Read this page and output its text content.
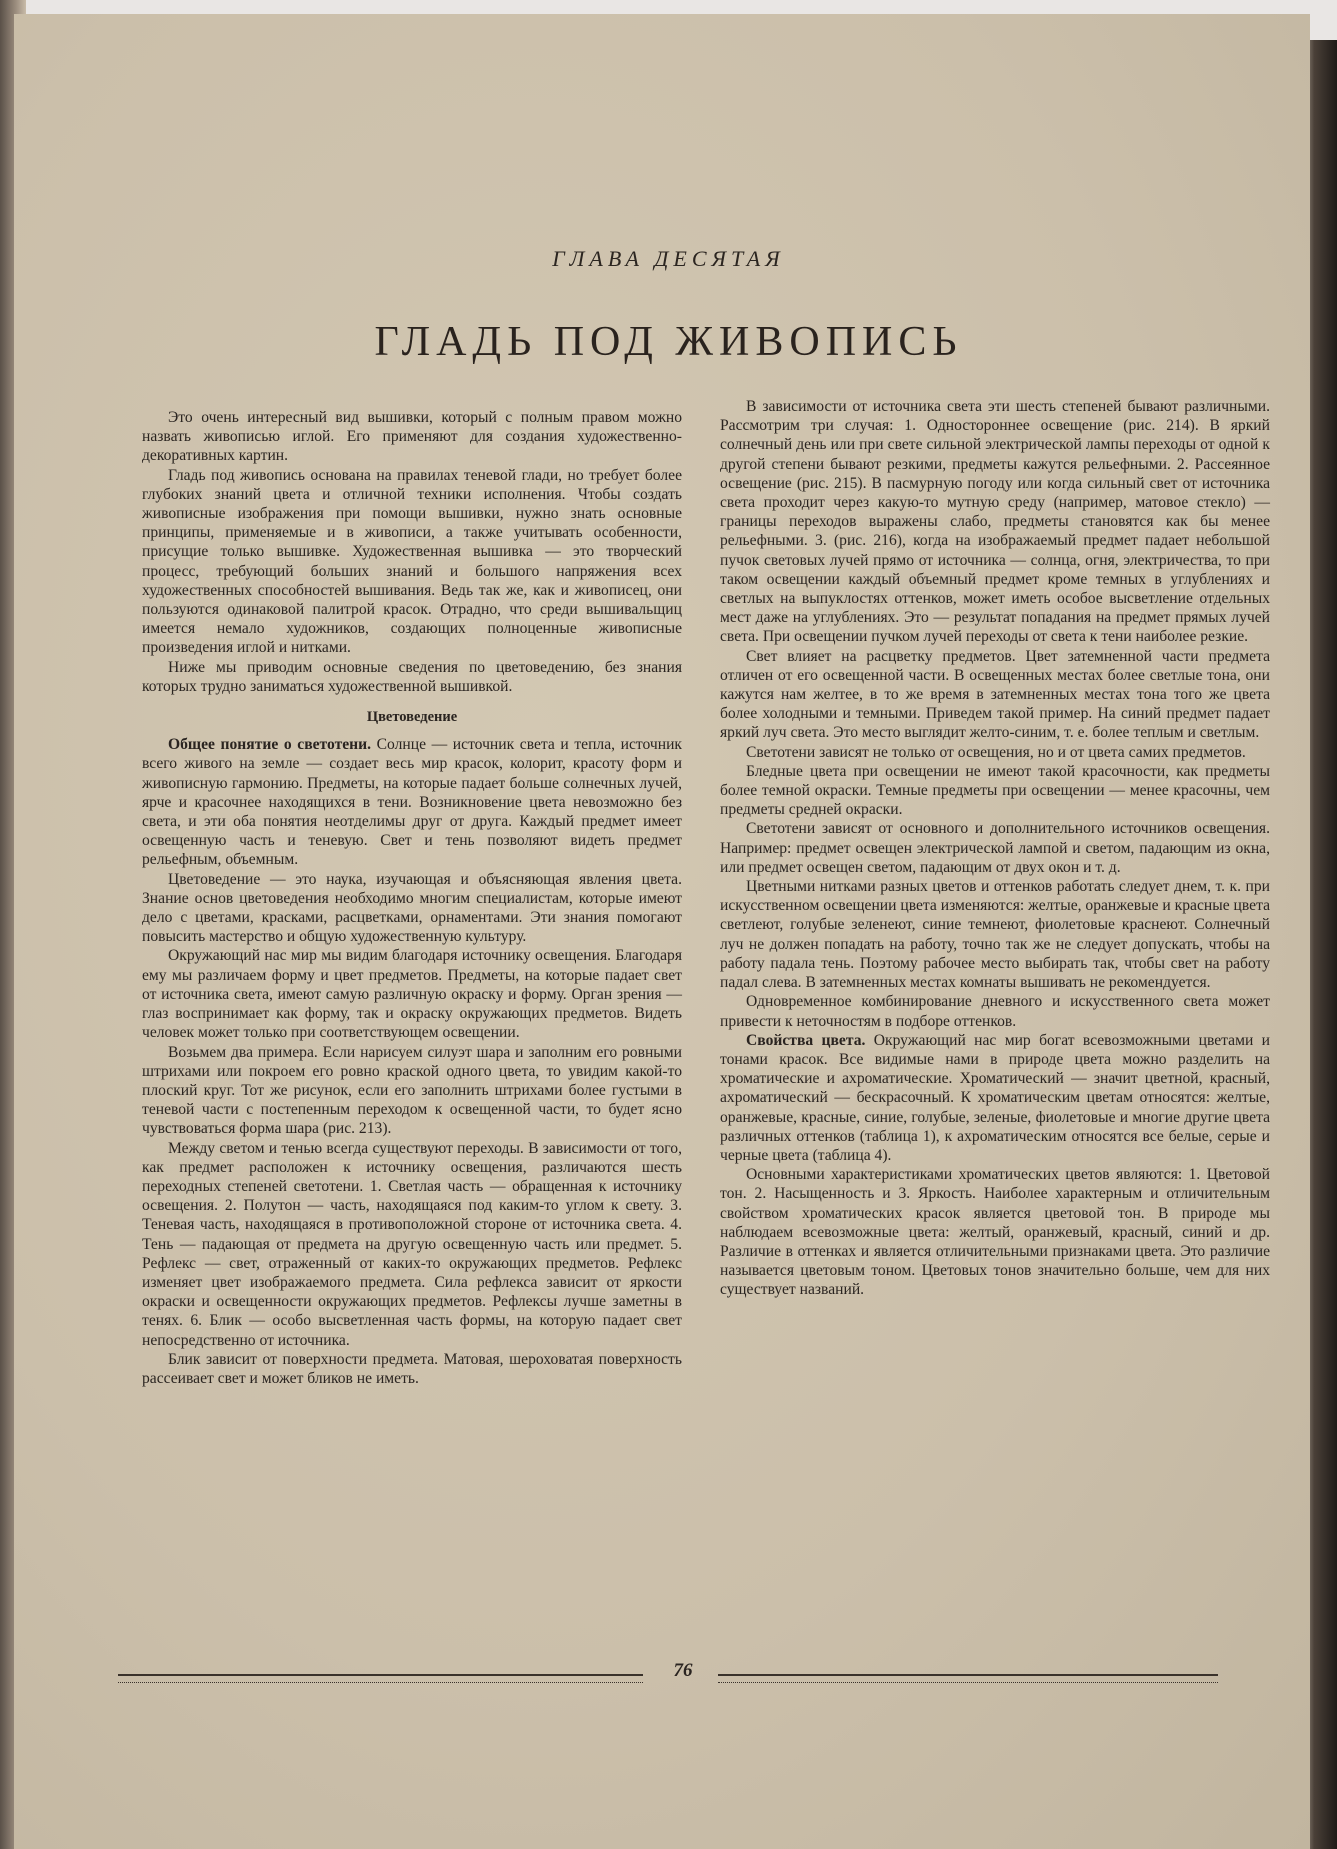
ГЛАВА ДЕСЯТАЯ
ГЛАДЬ ПОД ЖИВОПИСЬ

Это очень интересный вид вышивки, который с полным правом можно назвать живописью иглой. Его применяют для создания художественно-декоративных картин.

Гладь под живопись основана на правилах теневой глади, но требует более глубоких знаний цвета и отличной техники исполнения. Чтобы создать живописные изображения при помощи вышивки, нужно знать основные принципы, применяемые и в живописи, а также учитывать особенности, присущие только вышивке. Художественная вышивка — это творческий процесс, требующий больших знаний и большого напряжения всех художественных способностей вышивания. Ведь так же, как и живописец, они пользуются одинаковой палитрой красок. Отрадно, что среди вышивальщиц имеется немало художников, создающих полноценные живописные произведения иглой и нитками.

Ниже мы приводим основные сведения по цветоведению, без знания которых трудно заниматься художественной вышивкой.

Цветоведение

Общее понятие о светотени. Солнце — источник света и тепла, источник всего живого на земле — создает весь мир красок, колорит, красоту форм и живописную гармонию. Предметы, на которые падает больше солнечных лучей, ярче и красочнее находящихся в тени. Возникновение цвета невозможно без света, и эти оба понятия неотделимы друг от друга. Каждый предмет имеет освещенную часть и теневую. Свет и тень позволяют видеть предмет рельефным, объемным.

Цветоведение — это наука, изучающая и объясняющая явления цвета. Знание основ цветоведения необходимо многим специалистам, которые имеют дело с цветами, красками, расцветками, орнаментами. Эти знания помогают повысить мастерство и общую художественную культуру.

Окружающий нас мир мы видим благодаря источнику освещения. Благодаря ему мы различаем форму и цвет предметов. Предметы, на которые падает свет от источника света, имеют самую различную окраску и форму. Орган зрения — глаз воспринимает как форму, так и окраску окружающих предметов. Видеть человек может только при соответствующем освещении.

Возьмем два примера. Если нарисуем силуэт шара и заполним его ровными штрихами или покроем его ровно краской одного цвета, то увидим какой-то плоский круг. Тот же рисунок, если его заполнить штрихами более густыми в теневой части с постепенным переходом к освещенной части, то будет ясно чувствоваться форма шара (рис. 213).

Между светом и тенью всегда существуют переходы. В зависимости от того, как предмет расположен к источнику освещения, различаются шесть переходных степеней светотени. 1. Светлая часть — обращенная к источнику освещения. 2. Полутон — часть, находящаяся под каким-то углом к свету. 3. Теневая часть, находящаяся в противоположной стороне от источника света. 4. Тень — падающая от предмета на другую освещенную часть или предмет. 5. Рефлекс — свет, отраженный от каких-то окружающих предметов. Рефлекс изменяет цвет изображаемого предмета. Сила рефлекса зависит от яркости окраски и освещенности окружающих предметов. Рефлексы лучше заметны в тенях. 6. Блик — особо высветленная часть формы, на которую падает свет непосредственно от источника.

Блик зависит от поверхности предмета. Матовая, шероховатая поверхность рассеивает свет и может бликов не иметь.

В зависимости от источника света эти шесть степеней бывают различными. Рассмотрим три случая: 1. Одностороннее освещение (рис. 214). В яркий солнечный день или при свете сильной электрической лампы переходы от одной к другой степени бывают резкими, предметы кажутся рельефными. 2. Рассеянное освещение (рис. 215). В пасмурную погоду или когда сильный свет от источника света проходит через какую-то мутную среду (например, матовое стекло) — границы переходов выражены слабо, предметы становятся как бы менее рельефными. 3. (рис. 216), когда на изображаемый предмет падает небольшой пучок световых лучей прямо от источника — солнца, огня, электричества, то при таком освещении каждый объемный предмет кроме темных в углублениях и светлых на выпуклостях оттенков, может иметь особое высветление отдельных мест даже на углублениях. Это — результат попадания на предмет прямых лучей света. При освещении пучком лучей переходы от света к тени наиболее резкие.

Свет влияет на расцветку предметов. Цвет затемненной части предмета отличен от его освещенной части. В освещенных местах более светлые тона, они кажутся нам желтее, в то же время в затемненных местах тона того же цвета более холодными и темными. Приведем такой пример. На синий предмет падает яркий луч света. Это место выглядит желто-синим, т. е. более теплым и светлым.

Светотени зависят не только от освещения, но и от цвета самих предметов.

Бледные цвета при освещении не имеют такой красочности, как предметы более темной окраски. Темные предметы при освещении — менее красочны, чем предметы средней окраски.

Светотени зависят от основного и дополнительного источников освещения. Например: предмет освещен электрической лампой и светом, падающим из окна, или предмет освещен светом, падающим от двух окон и т. д.

Цветными нитками разных цветов и оттенков работать следует днем, т. к. при искусственном освещении цвета изменяются: желтые, оранжевые и красные цвета светлеют, голубые зеленеют, синие темнеют, фиолетовые краснеют. Солнечный луч не должен попадать на работу, точно так же не следует допускать, чтобы на работу падала тень. Поэтому рабочее место выбирать так, чтобы свет на работу падал слева. В затемненных местах комнаты вышивать не рекомендуется.

Одновременное комбинирование дневного и искусственного света может привести к неточностям в подборе оттенков.

Свойства цвета. Окружающий нас мир богат всевозможными цветами и тонами красок. Все видимые нами в природе цвета можно разделить на хроматические и ахроматические. Хроматический — значит цветной, красный, ахроматический — бескрасочный. К хроматическим цветам относятся: желтые, оранжевые, красные, синие, голубые, зеленые, фиолетовые и многие другие цвета различных оттенков (таблица 1), к ахроматическим относятся все белые, серые и черные цвета (таблица 4).

Основными характеристиками хроматических цветов являются: 1. Цветовой тон. 2. Насыщенность и 3. Яркость. Наиболее характерным и отличительным свойством хроматических красок является цветовой тон. В природе мы наблюдаем всевозможные цвета: желтый, оранжевый, красный, синий и др. Различие в оттенках и является отличительными признаками цвета. Это различие называется цветовым тоном. Цветовых тонов значительно больше, чем для них существует названий.

76
